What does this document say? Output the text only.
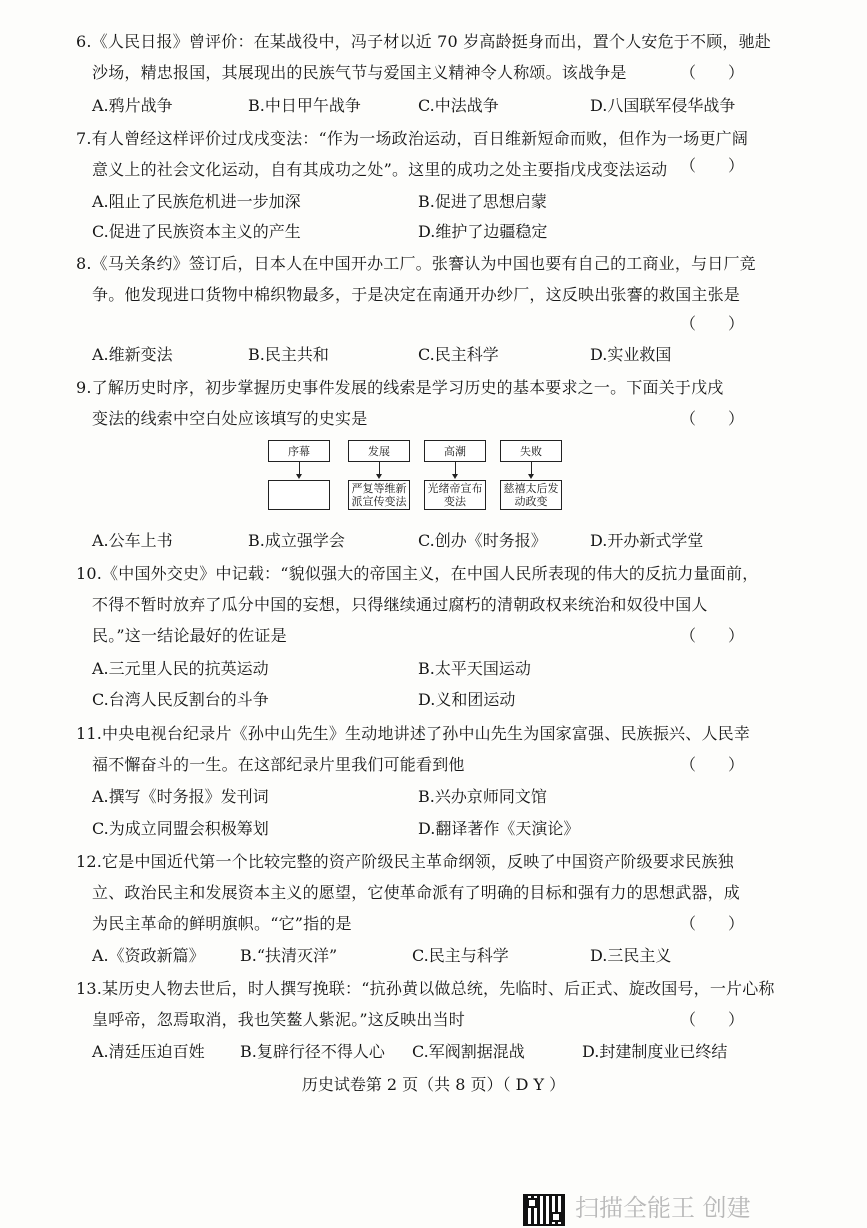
6.《人民日报》曾评价：在某战役中，冯子材以近 70 岁高龄挺身而出，置个人安危于不顾，驰赴
沙场，精忠报国，其展现出的民族气节与爱国主义精神令人称颂。该战争是	（　　）
A.鸦片战争	B.中日甲午战争	C.中法战争	D.八国联军侵华战争
7.有人曾经这样评价过戊戌变法：“作为一场政治运动，百日维新短命而败，但作为一场更广阔
意义上的社会文化运动，自有其成功之处”。这里的成功之处主要指戊戌变法运动 （　　）
A.阻止了民族危机进一步加深	B.促进了思想启蒙
C.促进了民族资本主义的产生	D.维护了边疆稳定
8.《马关条约》签订后，日本人在中国开办工厂。张謇认为中国也要有自己的工商业，与日厂竞
争。他发现进口货物中棉织物最多，于是决定在南通开办纱厂，这反映出张謇的救国主张是
（　　）
A.维新变法	B.民主共和	C.民主科学	D.实业救国
9.了解历史时序，初步掌握历史事件发展的线索是学习历史的基本要求之一。下面关于戊戌
变法的线索中空白处应该填写的史实是	（　　）
序幕	发展	高潮	失败
严复等维新派宣传变法
光绪帝宣布变法
慈禧太后发动政变
A.公车上书	B.成立强学会	C.创办《时务报》	D.开办新式学堂
10.《中国外交史》中记载：“貌似强大的帝国主义，在中国人民所表现的伟大的反抗力量面前，
不得不暂时放弃了瓜分中国的妄想，只得继续通过腐朽的清朝政权来统治和奴役中国人
民。”这一结论最好的佐证是	（　　）
A.三元里人民的抗英运动	B.太平天国运动
C.台湾人民反割台的斗争	D.义和团运动
11.中央电视台纪录片《孙中山先生》生动地讲述了孙中山先生为国家富强、民族振兴、人民幸
福不懈奋斗的一生。在这部纪录片里我们可能看到他	（　　）
A.撰写《时务报》发刊词	B.兴办京师同文馆
C.为成立同盟会积极筹划	D.翻译著作《天演论》
12.它是中国近代第一个比较完整的资产阶级民主革命纲领，反映了中国资产阶级要求民族独
立、政治民主和发展资本主义的愿望，它使革命派有了明确的目标和强有力的思想武器，成
为民主革命的鲜明旗帜。“它”指的是	（　　）
A.《资政新篇》 B.“扶清灭洋”	C.民主与科学	D.三民主义
13.某历史人物去世后，时人撰写挽联：“抗孙黄以做总统，先临时、后正式、旋改国号，一片心称
皇呼帝，忽焉取消，我也笑鳌人紫泥。”这反映出当时	（　　）
A.清廷压迫百姓 B.复辟行径不得人心 C.军阀割据混战	D.封建制度业已终结
历史试卷第 2 页（共 8 页）（ D Y ）
扫描全能王 创建
